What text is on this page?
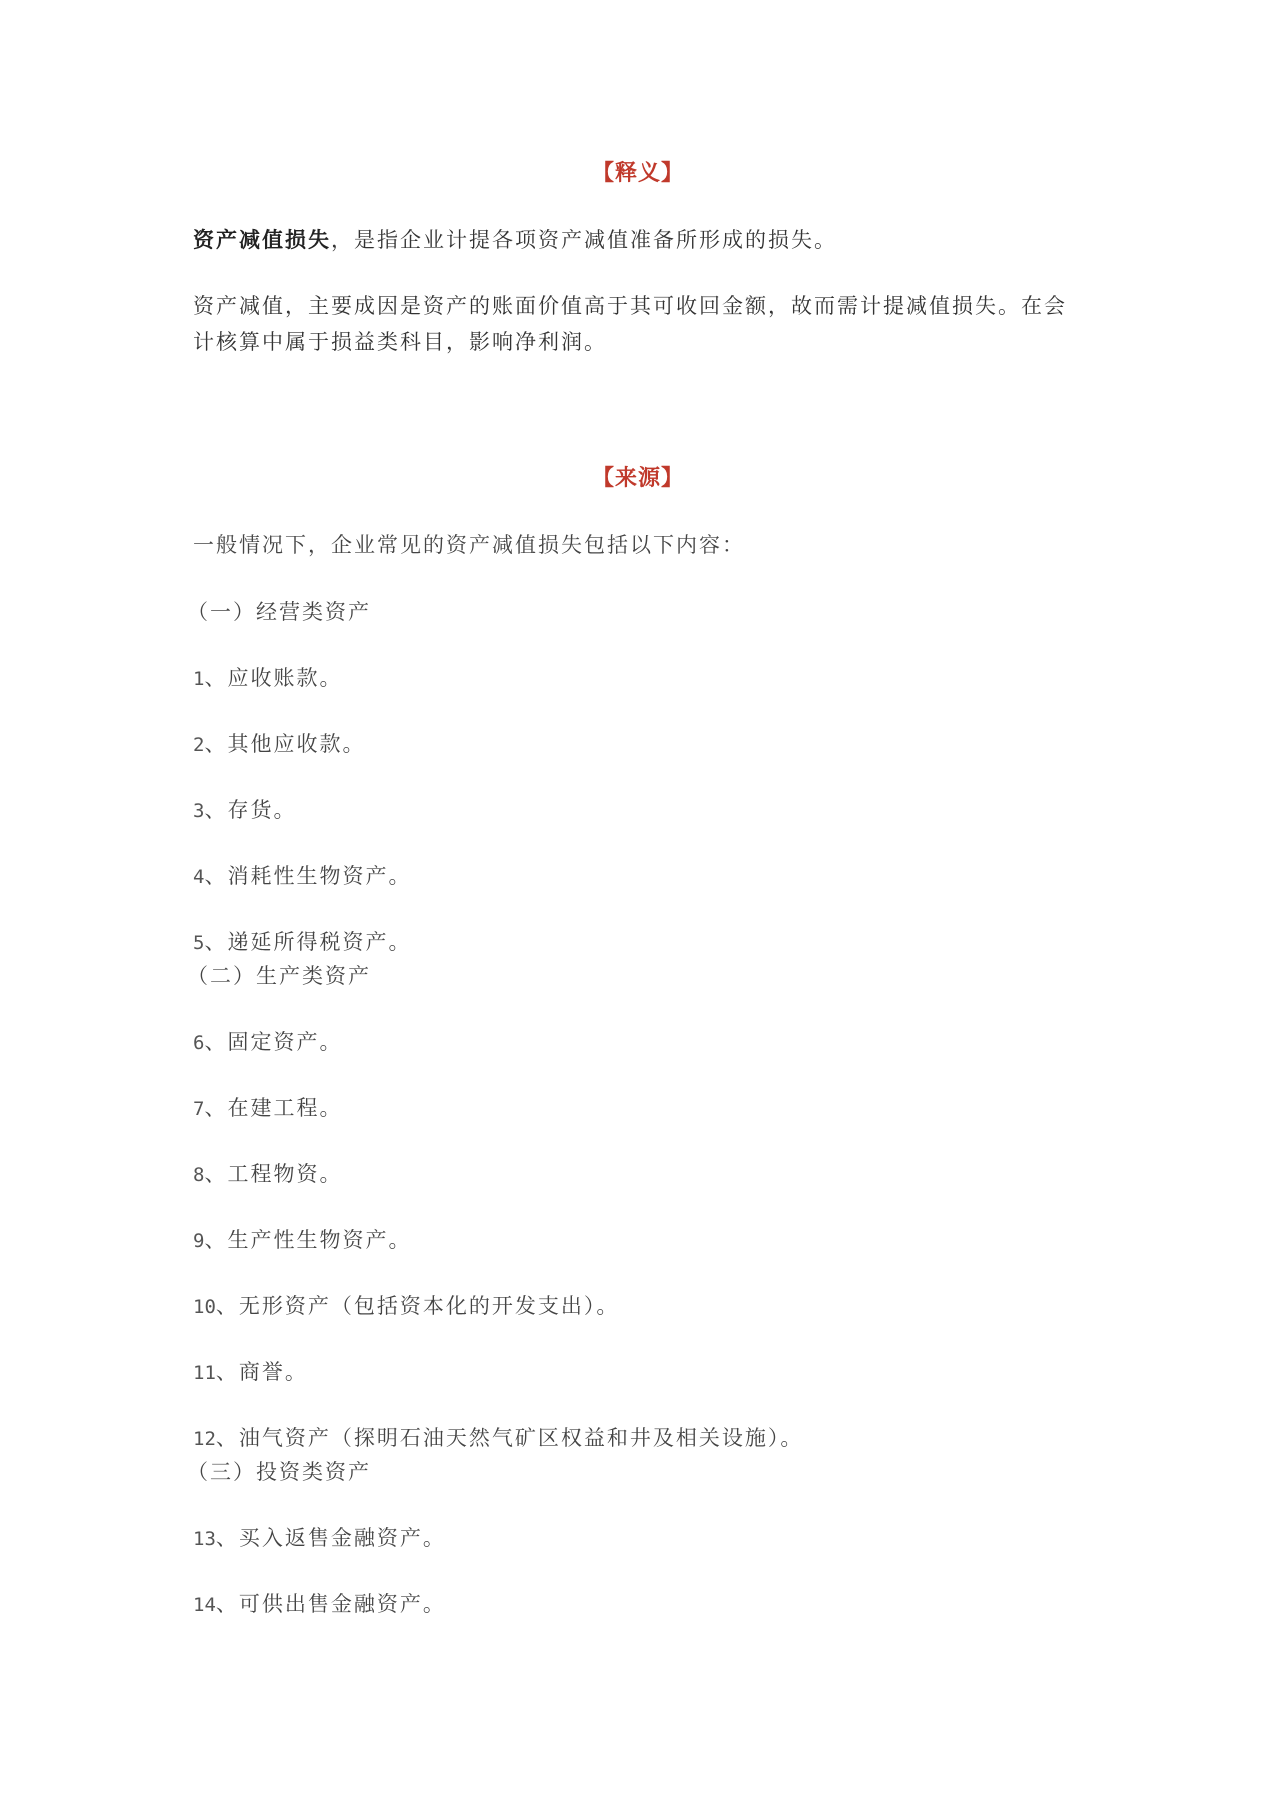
【释义】
资产减值损失，是指企业计提各项资产减值准备所形成的损失。
资产减值，主要成因是资产的账面价值高于其可收回金额，故而需计提减值损失。在会计核算中属于损益类科目，影响净利润。
【来源】
一般情况下，企业常见的资产减值损失包括以下内容：
（一）经营类资产
1、应收账款。
2、其他应收款。
3、存货。
4、消耗性生物资产。
5、递延所得税资产。
（二）生产类资产
6、固定资产。
7、在建工程。
8、工程物资。
9、生产性生物资产。
10、无形资产（包括资本化的开发支出）。
11、商誉。
12、油气资产（探明石油天然气矿区权益和井及相关设施）。
（三）投资类资产
13、买入返售金融资产。
14、可供出售金融资产。
